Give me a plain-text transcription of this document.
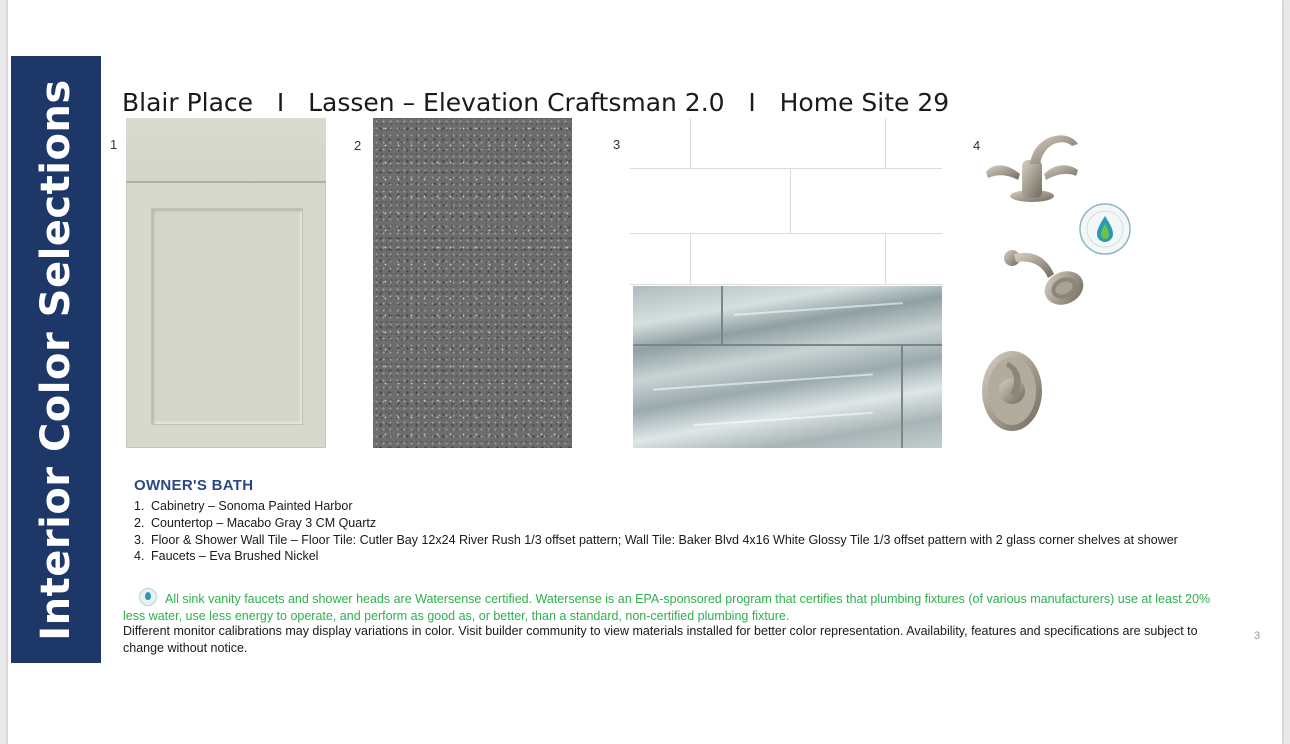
Interior Color Selections Blair Place   I   Lassen – Elevation Craftsman 2.0   I   Home Site 29
1	2	3	4
OWNER'S BATH
1. Cabinetry – Sonoma Painted Harbor
2. Countertop – Macabo Gray 3 CM Quartz
3. Floor & Shower Wall Tile – Floor Tile: Cutler Bay 12x24 River Rush 1/3 offset pattern; Wall Tile: Baker Blvd 4x16 White Glossy Tile 1/3 offset pattern with 2 glass corner shelves at shower
4. Faucets – Eva Brushed Nickel
All sink vanity faucets and shower heads are Watersense certified. Watersense is an EPA-sponsored program that certifies that plumbing fixtures (of various manufacturers) use at least 20% less water, use less energy to operate, and perform as good as, or better, than a standard, non-certified plumbing fixture.
Different monitor calibrations may display variations in color. Visit builder community to view materials installed for better color representation. Availability, features and specifications are subject to change without notice.
3
